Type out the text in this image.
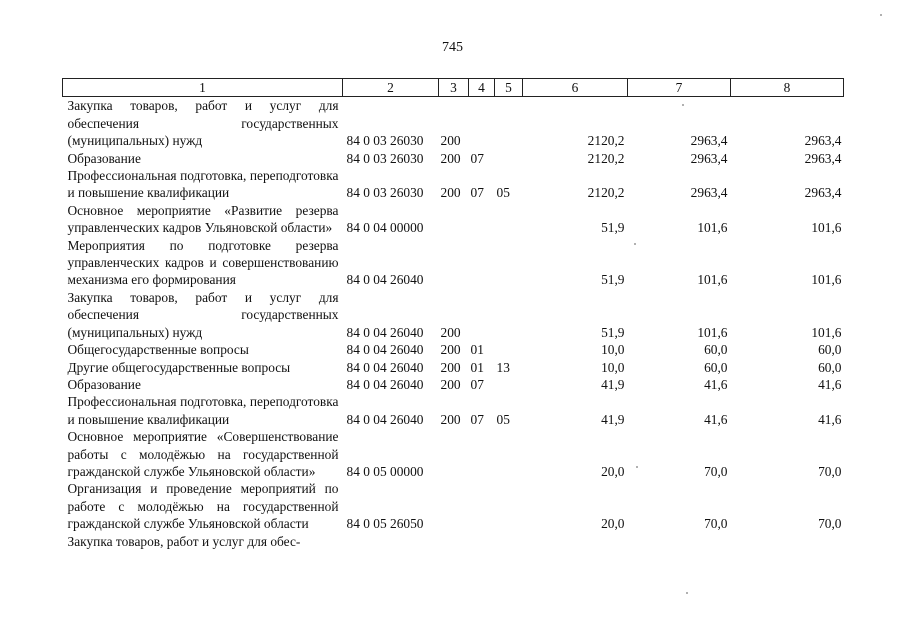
745
1	2	3	4	5	6	7	8
Закупка товаров, работ и услуг для обеспечения государственных (муниципальных) нужд	84 0 03 26030	200			2120,2	2963,4	2963,4
Образование	84 0 03 26030	200	07		2120,2	2963,4	2963,4
Профессиональная подготовка, переподготовка и повышение квалификации	84 0 03 26030	200	07	05	2120,2	2963,4	2963,4
Основное мероприятие «Развитие резерва управленческих кадров Ульяновской области»	84 0 04 00000				51,9	101,6	101,6
Мероприятия по подготовке резерва управленческих кадров и совершенствованию механизма его формирования	84 0 04 26040				51,9	101,6	101,6
Закупка товаров, работ и услуг для обеспечения государственных (муниципальных) нужд	84 0 04 26040	200			51,9	101,6	101,6
Общегосударственные вопросы	84 0 04 26040	200	01		10,0	60,0	60,0
Другие общегосударственные вопросы	84 0 04 26040	200	01	13	10,0	60,0	60,0
Образование	84 0 04 26040	200	07		41,9	41,6	41,6
Профессиональная подготовка, переподготовка и повышение квалификации	84 0 04 26040	200	07	05	41,9	41,6	41,6
Основное мероприятие «Совершенствование работы с молодёжью на государственной гражданской службе Ульяновской области»	84 0 05 00000				20,0	70,0	70,0
Организация и проведение мероприятий по работе с молодёжью на государственной гражданской службе Ульяновской области	84 0 05 26050				20,0	70,0	70,0
Закупка товаров, работ и услуг для обес-							
